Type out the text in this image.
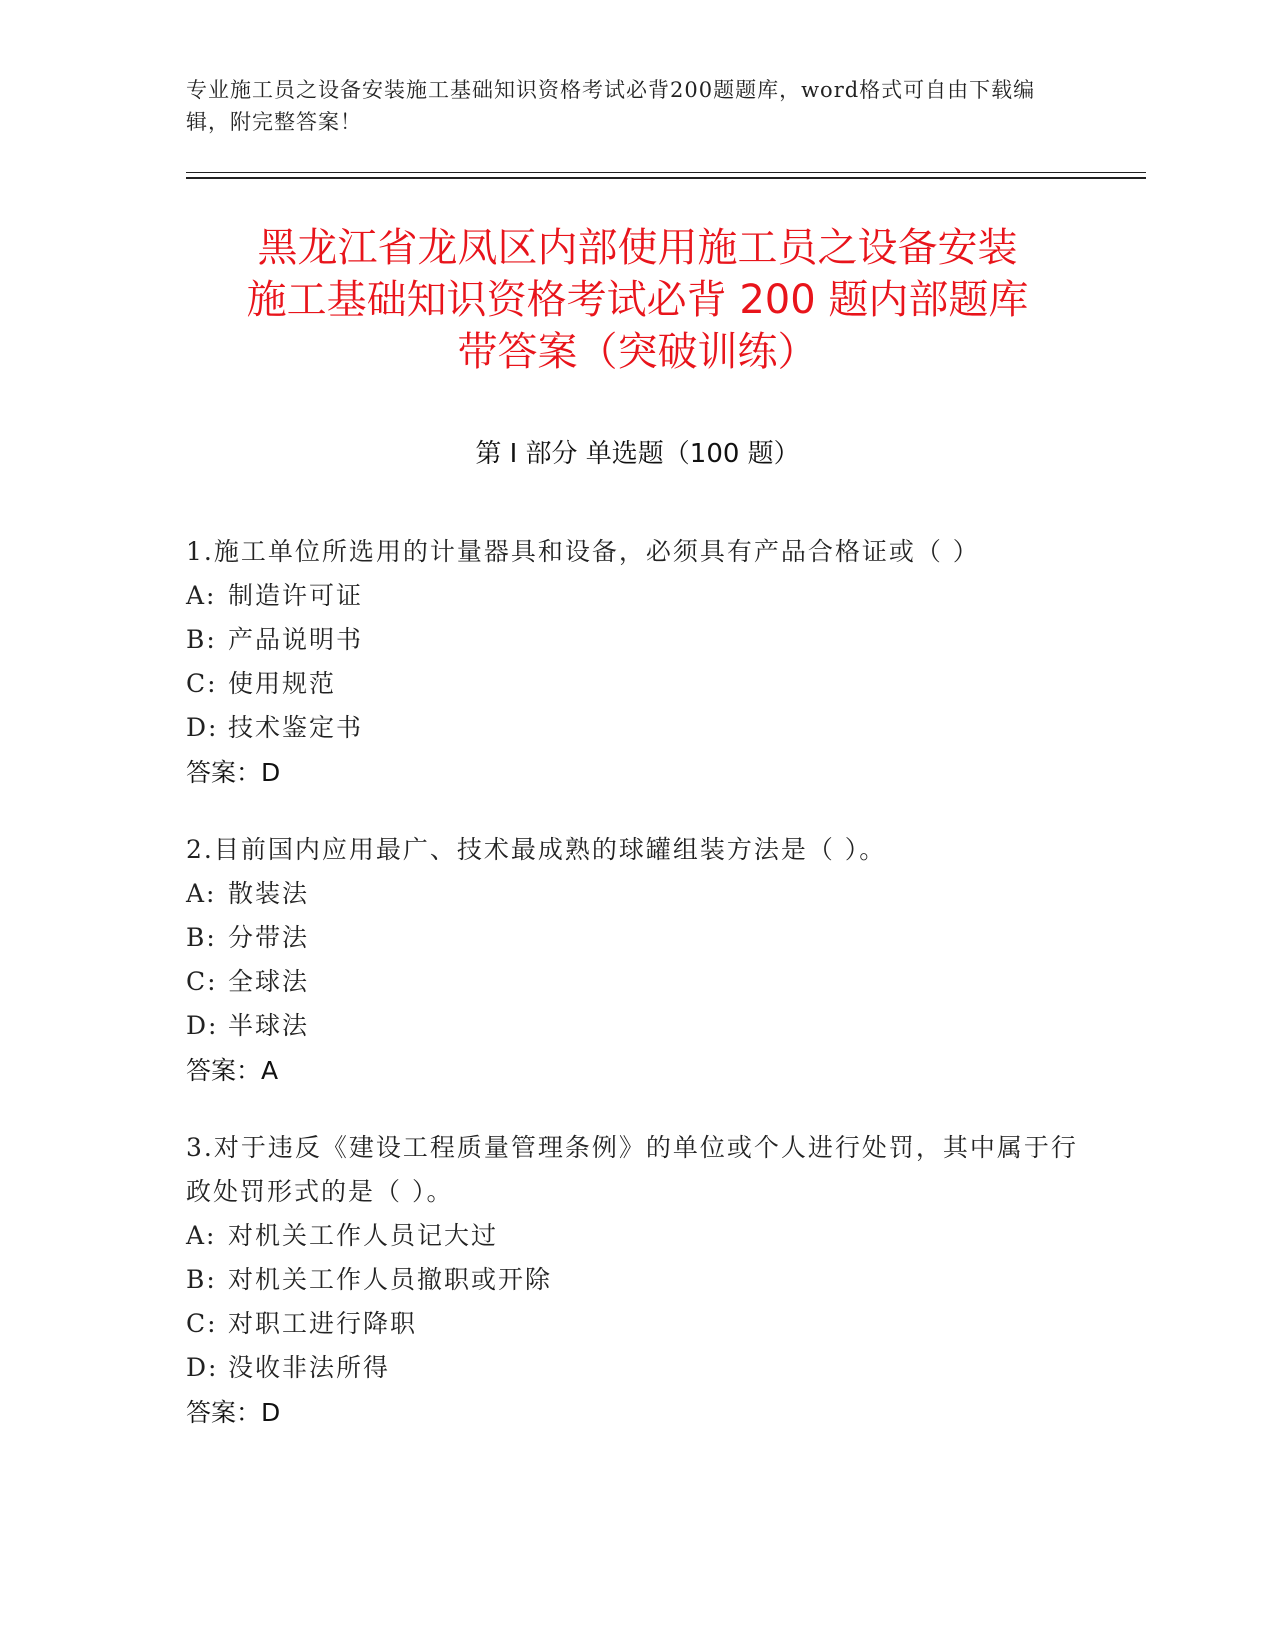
专业施工员之设备安装施工基础知识资格考试必背200题题库，word格式可自由下载编辑，附完整答案！
黑龙江省龙凤区内部使用施工员之设备安装
施工基础知识资格考试必背 200 题内部题库
带答案（突破训练）
第 I 部分 单选题（100 题）

1.施工单位所选用的计量器具和设备，必须具有产品合格证或（ ）

A: 制造许可证

B: 产品说明书

C: 使用规范

D: 技术鉴定书

答案：D

2.目前国内应用最广、技术最成熟的球罐组装方法是（ ）。

A: 散装法

B: 分带法

C: 全球法

D: 半球法

答案：A

3.对于违反《建设工程质量管理条例》的单位或个人进行处罚，其中属于行政处罚形式的是（ ）。

A: 对机关工作人员记大过

B: 对机关工作人员撤职或开除

C: 对职工进行降职

D: 没收非法所得

答案：D
